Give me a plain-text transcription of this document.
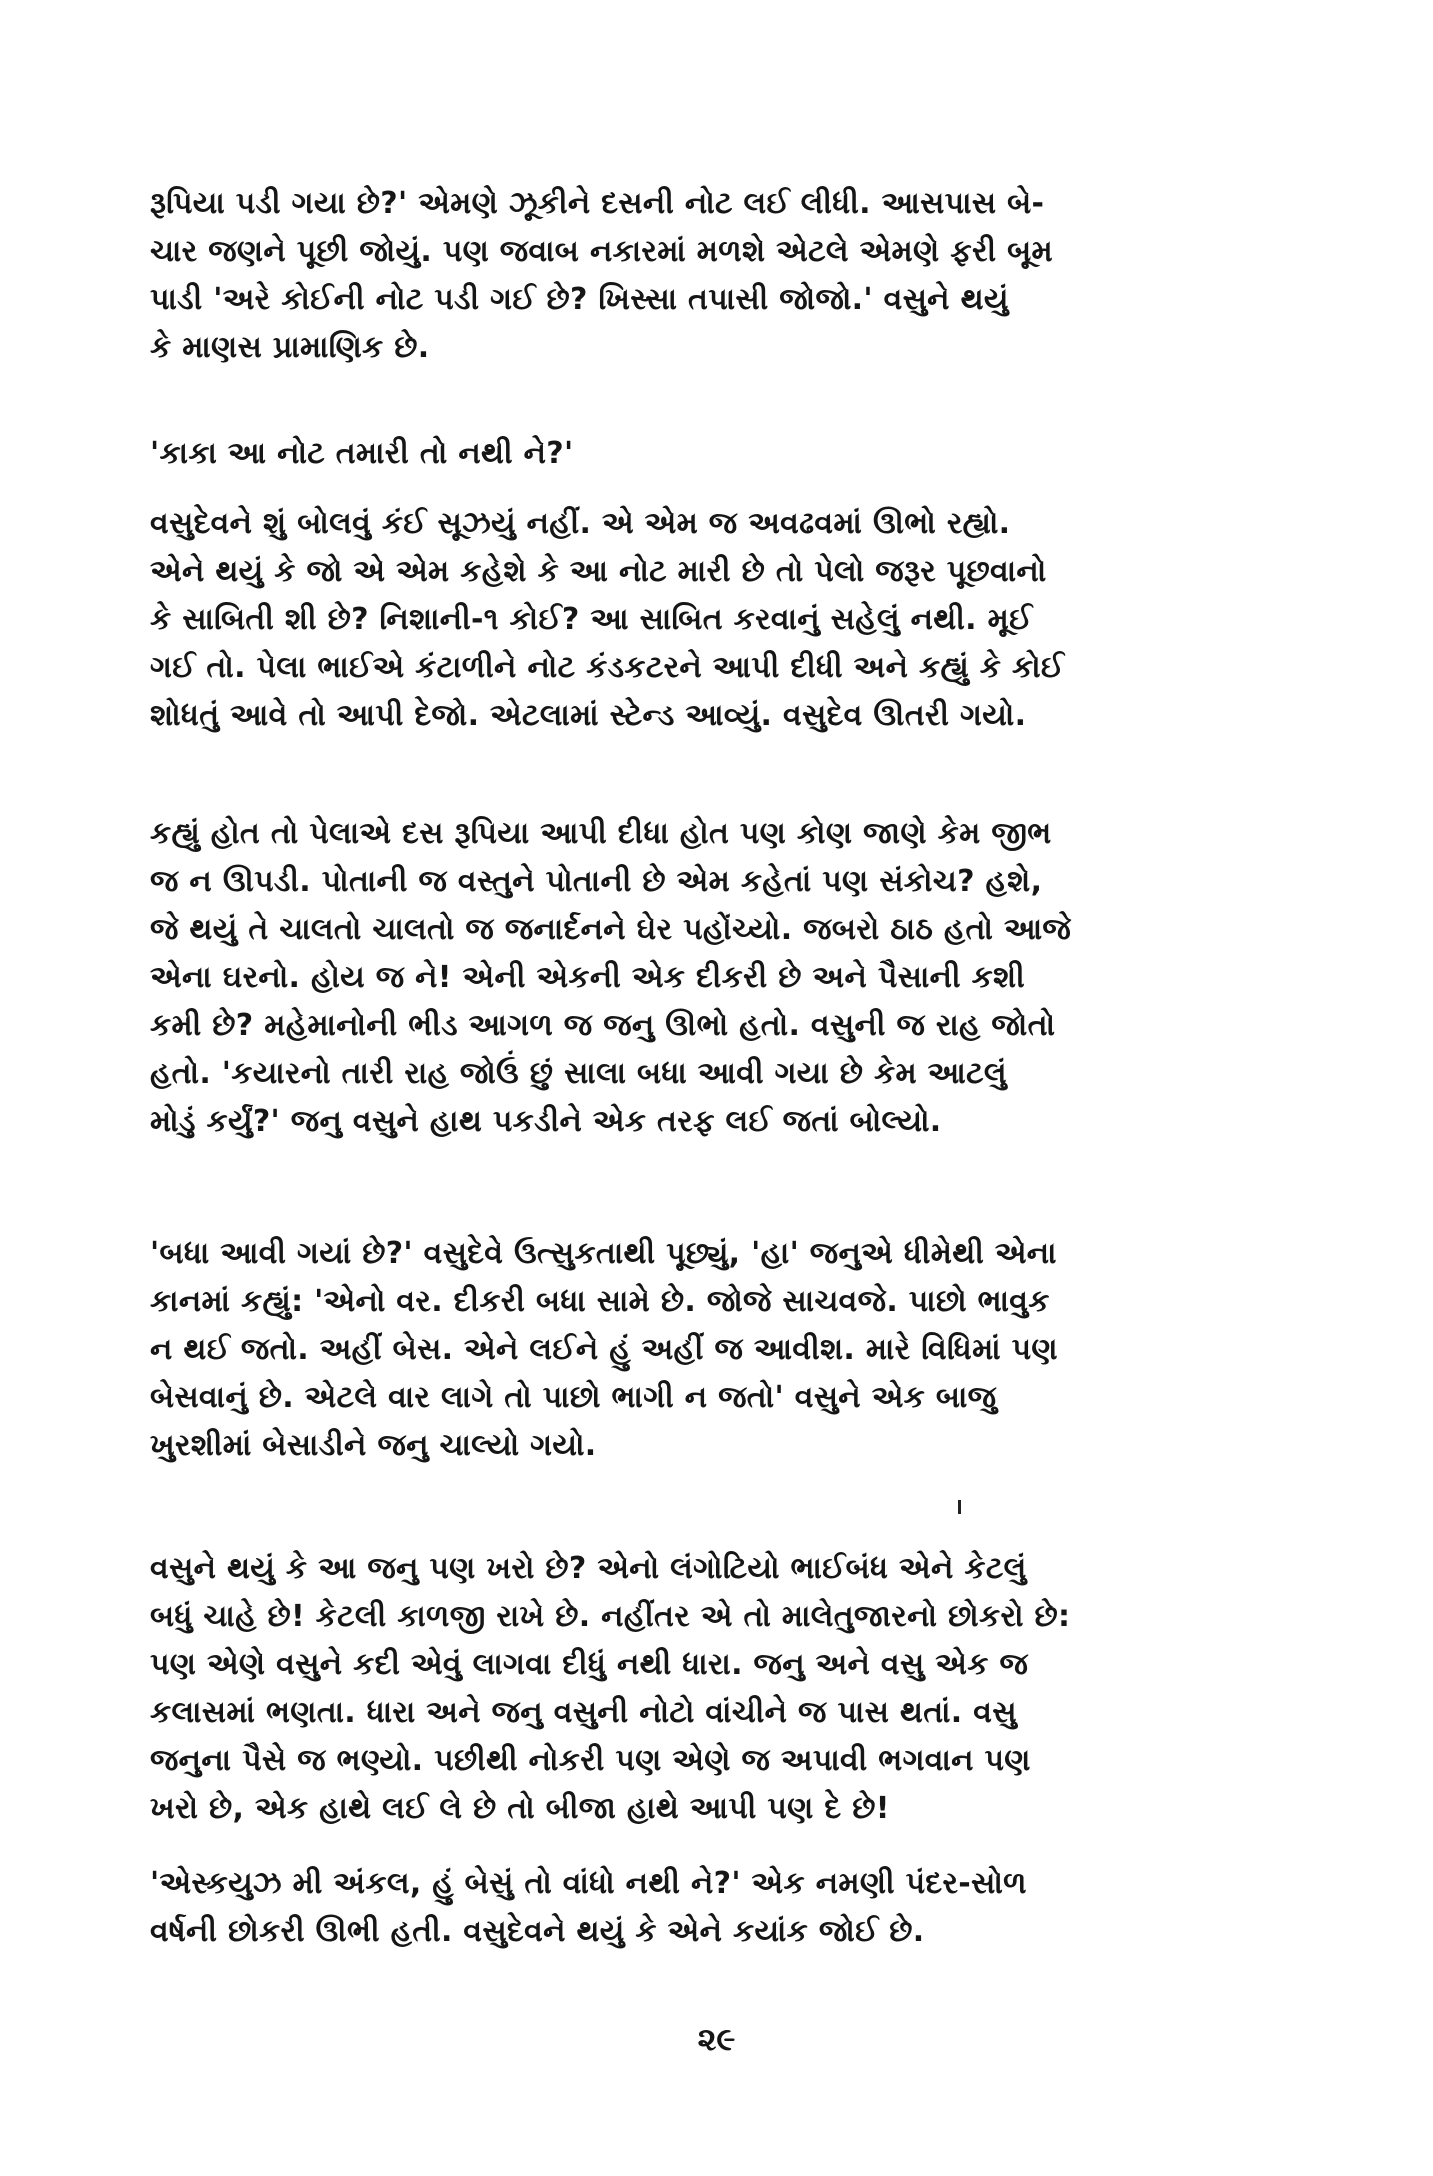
રૂપિયા પડી ગયા છે?' એમણે ઝૂકીને દસની નોટ લઈ લીધી. આસપાસ બે-
ચાર જણને પૂછી જોયું. પણ જવાબ નકારમાં મળશે એટલે એમણે ફરી બૂમ
પાડી 'અરે કોઈની નોટ પડી ગઈ છે? ખિસ્સા તપાસી જોજો.' વસુને થયું
કે માણસ પ્રામાણિક છે.
'કાકા આ નોટ તમારી તો નથી ને?'
વસુદેવને શું બોલવું કંઈ સૂઝયું નહીં. એ એમ જ અવઢવમાં ઊભો રહ્યો.
એને થયું કે જો એ એમ કહેશે કે આ નોટ મારી છે તો પેલો જરૂર પૂછવાનો
કે સાબિતી શી છે? નિશાની-૧ કોઈ? આ સાબિત કરવાનું સહેલું નથી. મૂઈ
ગઈ તો. પેલા ભાઈએ કંટાળીને નોટ કંડકટરને આપી દીધી અને કહ્યું કે કોઈ
શોધતું આવે તો આપી દેજો. એટલામાં સ્ટેન્ડ આવ્યું. વસુદેવ ઊતરી ગયો.
કહ્યું હોત તો પેલાએ દસ રૂપિયા આપી દીધા હોત પણ કોણ જાણે કેમ જીભ
જ ન ઊપડી. પોતાની જ વસ્તુને પોતાની છે એમ કહેતાં પણ સંકોચ? હશે,
જે થયું તે ચાલતો ચાલતો જ જનાર્દનને ઘેર પહોંચ્યો. જબરો ઠાઠ હતો આજે
એના ઘરનો. હોય જ ને! એની એકની એક દીકરી છે અને પૈસાની કશી
કમી છે? મહેમાનોની ભીડ આગળ જ જનુ ઊભો હતો. વસુની જ રાહ જોતો
હતો. 'કયારનો તારી રાહ જોઉં છું સાલા બધા આવી ગયા છે કેમ આટલું
મોડું કર્યું?' જનુ વસુને હાથ પકડીને એક તરફ લઈ જતાં બોલ્યો.
'બધા આવી ગયાં છે?' વસુદેવે ઉત્સુકતાથી પૂછ્યું, 'હા' જનુએ ધીમેથી એના
કાનમાં કહ્યું: 'એનો વર. દીકરી બધા સામે છે. જોજે સાચવજે. પાછો ભાવુક
ન થઈ જતો. અહીં બેસ. એને લઈને હું અહીં જ આવીશ. મારે વિધિમાં પણ
બેસવાનું છે. એટલે વાર લાગે તો પાછો ભાગી ન જતો' વસુને એક બાજુ
ખુરશીમાં બેસાડીને જનુ ચાલ્યો ગયો.
વસુને થયું કે આ જનુ પણ ખરો છે? એનો લંગોટિયો ભાઈબંધ એને કેટલું
બધું ચાહે છે! કેટલી કાળજી રાખે છે. નહીંતર એ તો માલેતુજારનો છોકરો છે:
પણ એણે વસુને કદી એવું લાગવા દીધું નથી ધારા. જનુ અને વસુ એક જ
કલાસમાં ભણતા. ધારા અને જનુ વસુની નોટો વાંચીને જ પાસ થતાં. વસુ
જનુના પૈસે જ ભણ્યો. પછીથી નોકરી પણ એણે જ અપાવી ભગવાન પણ
ખરો છે, એક હાથે લઈ લે છે તો બીજા હાથે આપી પણ દે છે!
'એસ્કયુઝ મી અંકલ, હું બેસું તો વાંધો નથી ને?' એક નમણી પંદર-સોળ
વર્ષની છોકરી ઊભી હતી. વસુદેવને થયું કે એને કયાંક જોઈ છે.
૨૯
